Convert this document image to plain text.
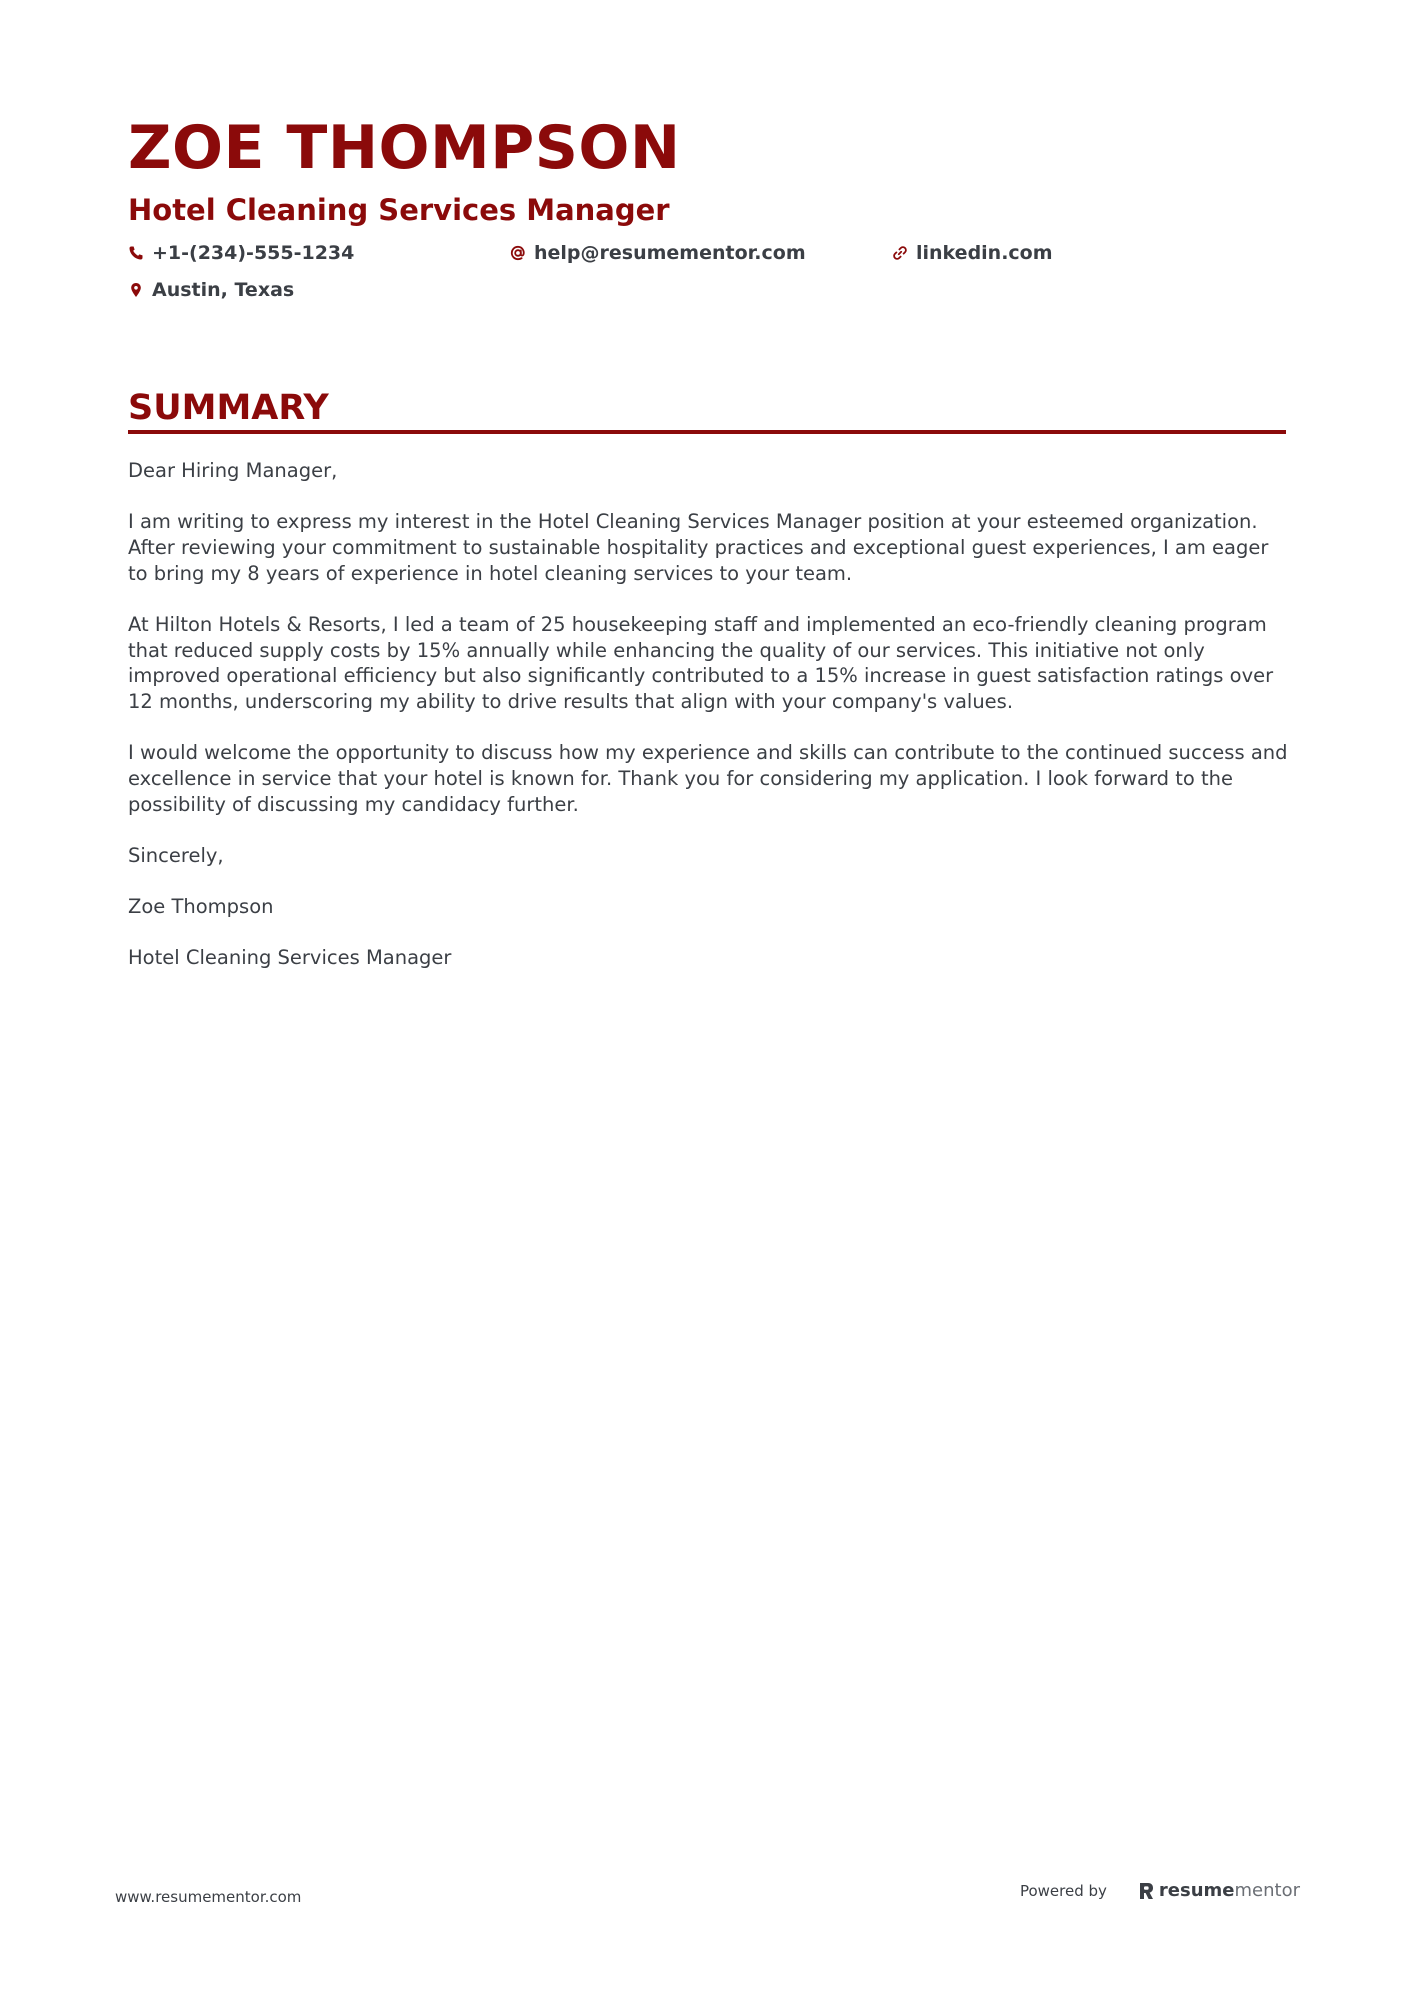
ZOE THOMPSON
Hotel Cleaning Services Manager
+1-(234)-555-1234	help@resumementor.com	linkedin.com
Austin, Texas
SUMMARY

Dear Hiring Manager,

I am writing to express my interest in the Hotel Cleaning Services Manager position at your esteemed organization. After reviewing your commitment to sustainable hospitality practices and exceptional guest experiences, I am eager to bring my 8 years of experience in hotel cleaning services to your team.

At Hilton Hotels & Resorts, I led a team of 25 housekeeping staff and implemented an eco-friendly cleaning program that reduced supply costs by 15% annually while enhancing the quality of our services. This initiative not only improved operational efficiency but also significantly contributed to a 15% increase in guest satisfaction ratings over 12 months, underscoring my ability to drive results that align with your company's values.

I would welcome the opportunity to discuss how my experience and skills can contribute to the continued success and excellence in service that your hotel is known for. Thank you for considering my application. I look forward to the possibility of discussing my candidacy further.

Sincerely,

Zoe Thompson

Hotel Cleaning Services Manager

www.resumementor.com	Powered by	resume mentor
